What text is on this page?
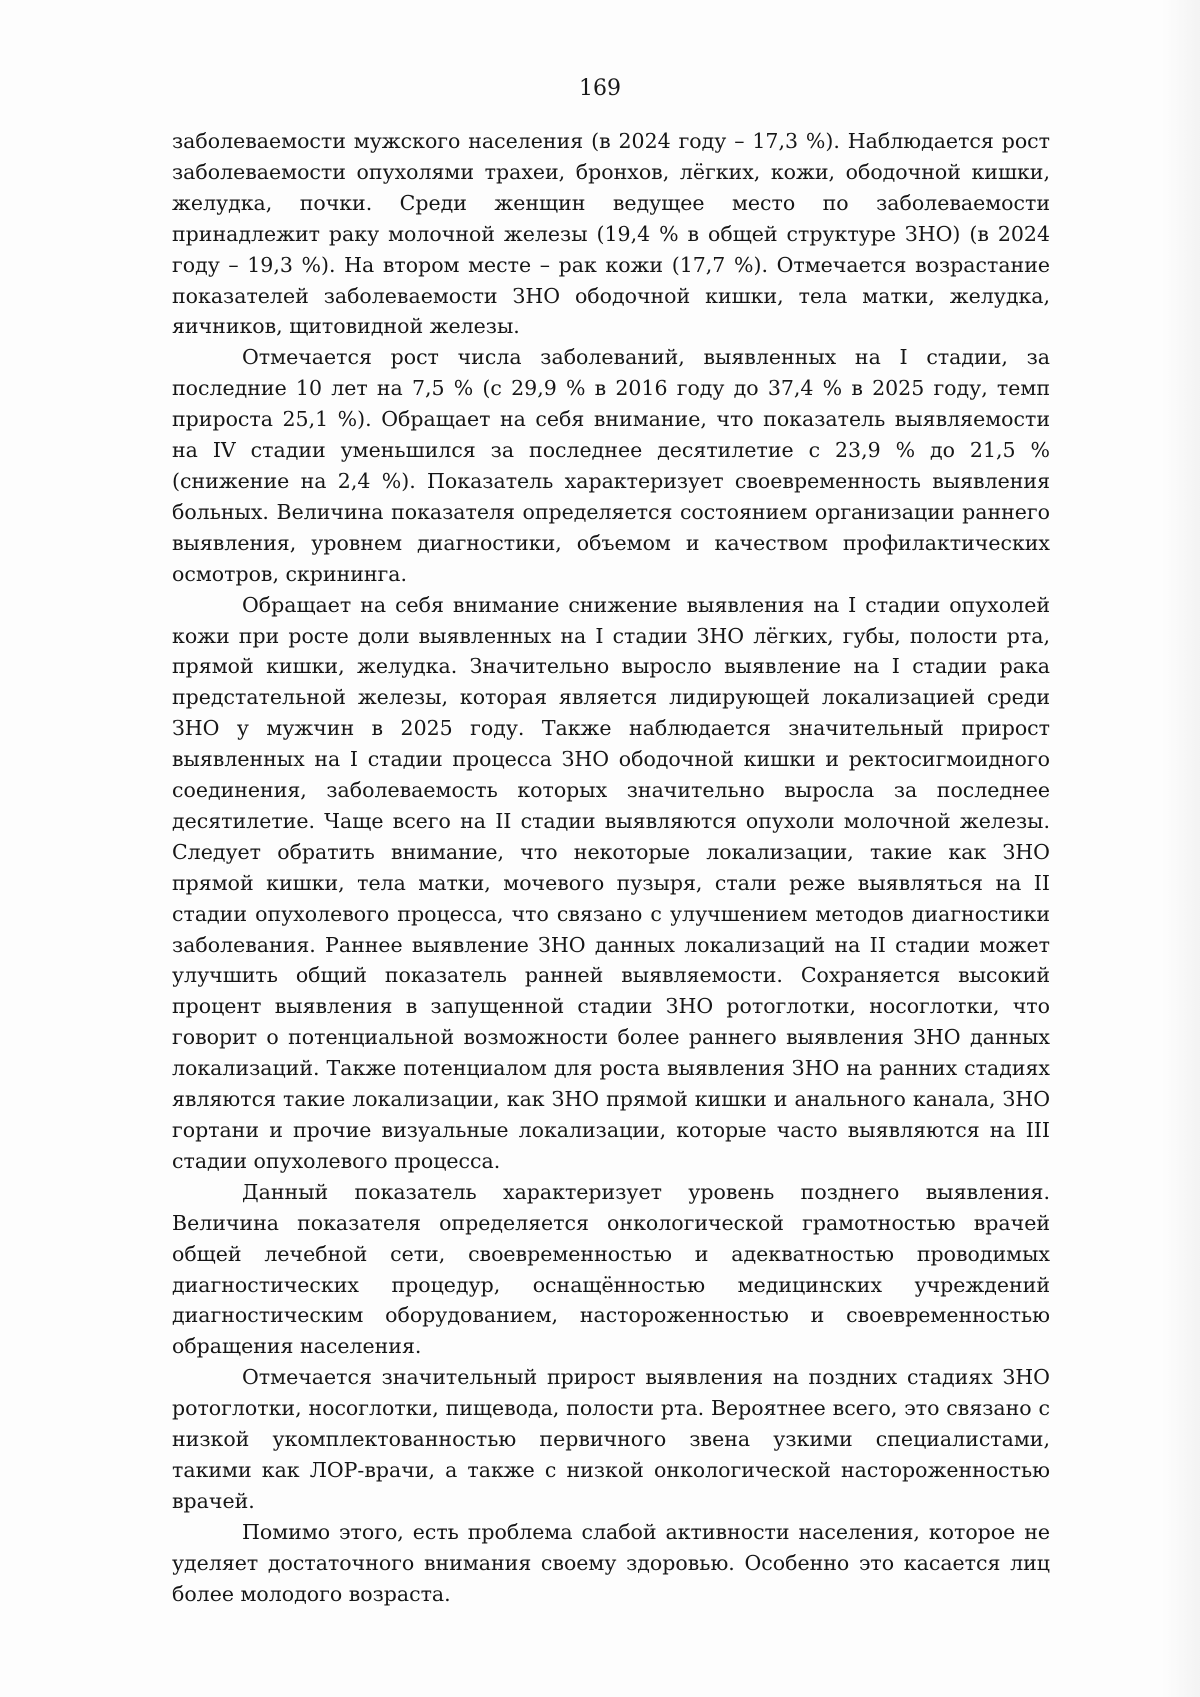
169

заболеваемости мужского населения (в 2024 году – 17,3 %). Наблюдается рост заболеваемости опухолями трахеи, бронхов, лёгких, кожи, ободочной кишки, желудка, почки. Среди женщин ведущее место по заболеваемости принадлежит раку молочной железы (19,4 % в общей структуре ЗНО) (в 2024 году – 19,3 %). На втором месте – рак кожи (17,7 %). Отмечается возрастание показателей заболеваемости ЗНО ободочной кишки, тела матки, желудка, яичников, щитовидной железы.

Отмечается рост числа заболеваний, выявленных на I стадии, за последние 10 лет на 7,5 % (с 29,9 % в 2016 году до 37,4 % в 2025 году, темп прироста 25,1 %). Обращает на себя внимание, что показатель выявляемости на IV стадии уменьшился за последнее десятилетие с 23,9 % до 21,5 % (снижение на 2,4 %). Показатель характеризует своевременность выявления больных. Величина показателя определяется состоянием организации раннего выявления, уровнем диагностики, объемом и качеством профилактических осмотров, скрининга.

Обращает на себя внимание снижение выявления на I стадии опухолей кожи при росте доли выявленных на I стадии ЗНО лёгких, губы, полости рта, прямой кишки, желудка. Значительно выросло выявление на I стадии рака предстательной железы, которая является лидирующей локализацией среди ЗНО у мужчин в 2025 году. Также наблюдается значительный прирост выявленных на I стадии процесса ЗНО ободочной кишки и ректосигмоидного соединения, заболеваемость которых значительно выросла за последнее десятилетие. Чаще всего на II стадии выявляются опухоли молочной железы. Следует обратить внимание, что некоторые локализации, такие как ЗНО прямой кишки, тела матки, мочевого пузыря, стали реже выявляться на II стадии опухолевого процесса, что связано с улучшением методов диагностики заболевания. Раннее выявление ЗНО данных локализаций на II стадии может улучшить общий показатель ранней выявляемости. Сохраняется высокий процент выявления в запущенной стадии ЗНО ротоглотки, носоглотки, что говорит о потенциальной возможности более раннего выявления ЗНО данных локализаций. Также потенциалом для роста выявления ЗНО на ранних стадиях являются такие локализации, как ЗНО прямой кишки и анального канала, ЗНО гортани и прочие визуальные локализации, которые часто выявляются на III стадии опухолевого процесса.

Данный показатель характеризует уровень позднего выявления. Величина показателя определяется онкологической грамотностью врачей общей лечебной сети, своевременностью и адекватностью проводимых диагностических процедур, оснащённостью медицинских учреждений диагностическим оборудованием, настороженностью и своевременностью обращения населения.

Отмечается значительный прирост выявления на поздних стадиях ЗНО ротоглотки, носоглотки, пищевода, полости рта. Вероятнее всего, это связано с низкой укомплектованностью первичного звена узкими специалистами, такими как ЛОР-врачи, а также с низкой онкологической настороженностью врачей.

Помимо этого, есть проблема слабой активности населения, которое не уделяет достаточного внимания своему здоровью. Особенно это касается лиц более молодого возраста.
